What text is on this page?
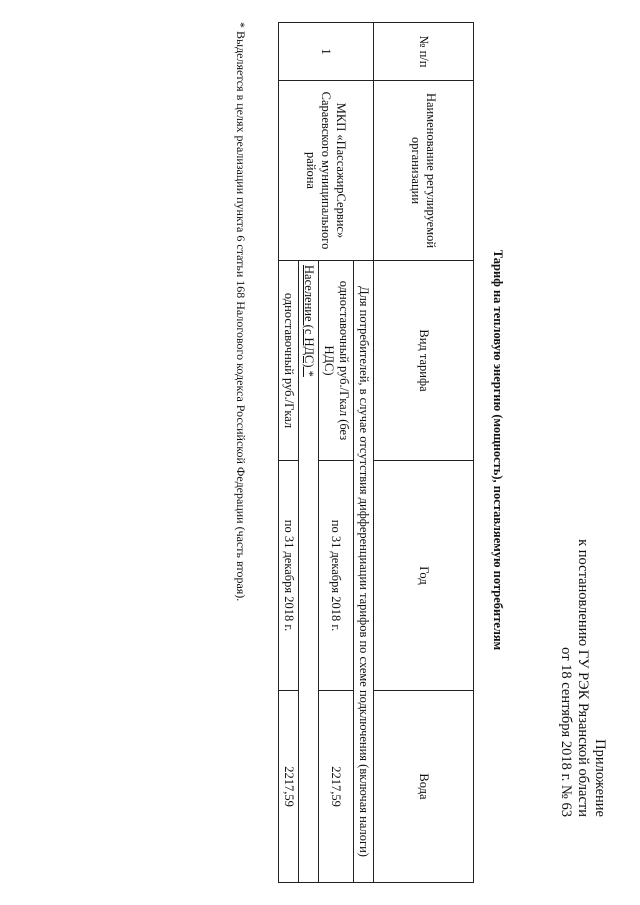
Приложение
к постановлению ГУ РЭК Рязанской области
от 18 сентября 2018 г. № 63
Тариф на тепловую энергию (мощность), поставляемую потребителям
№ п/п	Наименование регулируемой организации	Вид тарифа	Год	Вода
1	МКП «ПассажирСервис» Сараевского муниципального района	Для потребителей, в случае отсутствия дифференциации тарифов по схеме подключения (включая налоги)		
		одноставочный руб./Гкал (без НДС)	по 31 декабря 2018 г.	2217,59
		Население (с НДС) *		
		одноставочный руб./Гкал	по 31 декабря 2018 г.	2217,59
* Выделяется в целях реализации пункта 6 статьи 168 Налогового кодекса Российской Федерации (часть вторая).
